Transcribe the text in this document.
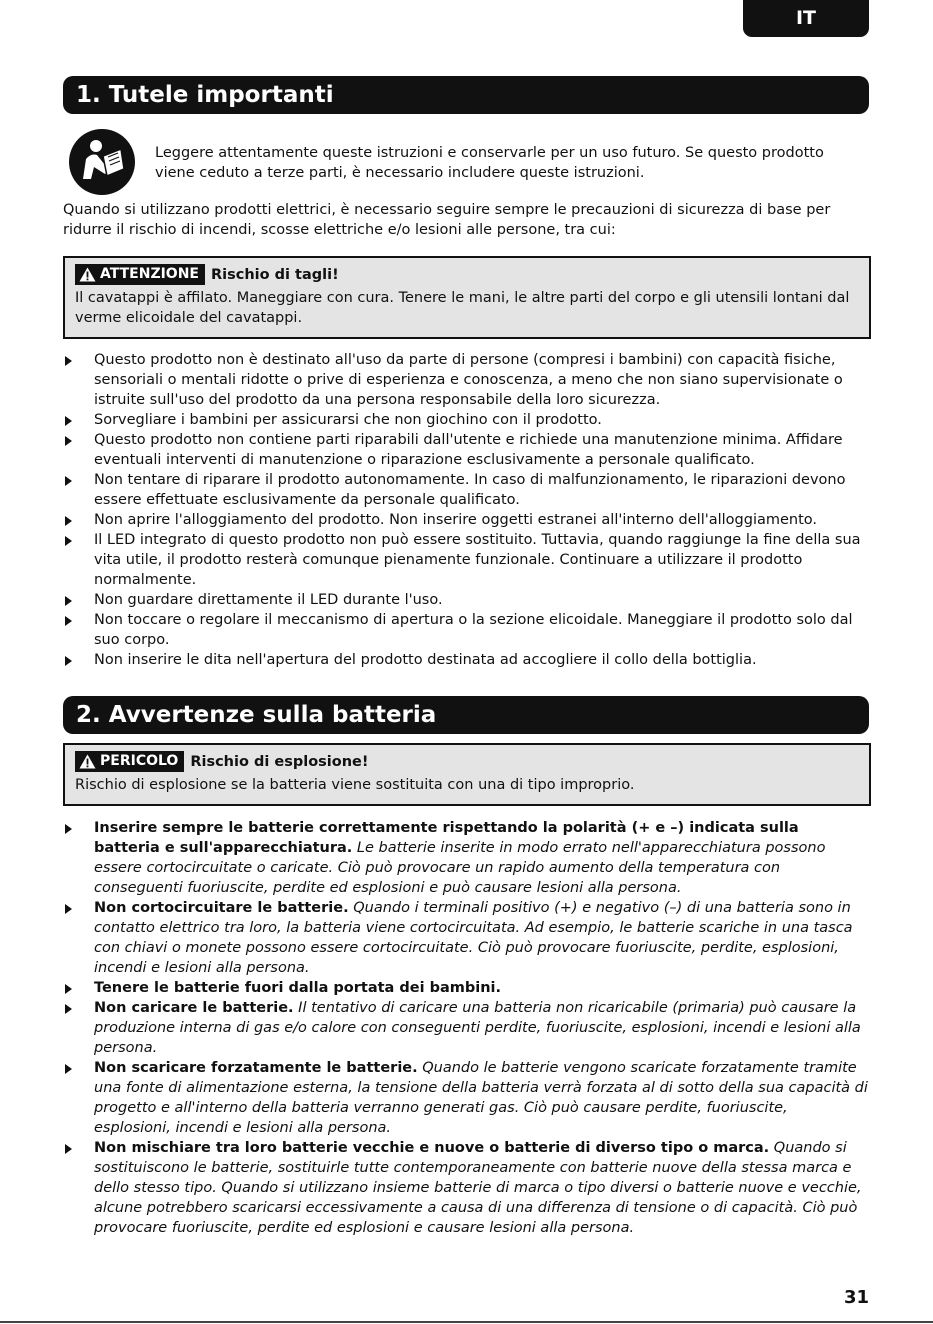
IT
1. Tutele importanti
Leggere attentamente queste istruzioni e conservarle per un uso futuro. Se questo prodotto viene ceduto a terze parti, è necessario includere queste istruzioni.
Quando si utilizzano prodotti elettrici, è necessario seguire sempre le precauzioni di sicurezza di base per ridurre il rischio di incendi, scosse elettriche e/o lesioni alle persone, tra cui:
ATTENZIONE Rischio di tagli!
Il cavatappi è affilato. Maneggiare con cura. Tenere le mani, le altre parti del corpo e gli utensili lontani dal verme elicoidale del cavatappi.
Questo prodotto non è destinato all'uso da parte di persone (compresi i bambini) con capacità fisiche, sensoriali o mentali ridotte o prive di esperienza e conoscenza, a meno che non siano supervisionate o istruite sull'uso del prodotto da una persona responsabile della loro sicurezza.
Sorvegliare i bambini per assicurarsi che non giochino con il prodotto.
Questo prodotto non contiene parti riparabili dall'utente e richiede una manutenzione minima. Affidare eventuali interventi di manutenzione o riparazione esclusivamente a personale qualificato.
Non tentare di riparare il prodotto autonomamente. In caso di malfunzionamento, le riparazioni devono essere effettuate esclusivamente da personale qualificato.
Non aprire l'alloggiamento del prodotto. Non inserire oggetti estranei all'interno dell'alloggiamento.
Il LED integrato di questo prodotto non può essere sostituito. Tuttavia, quando raggiunge la fine della sua vita utile, il prodotto resterà comunque pienamente funzionale. Continuare a utilizzare il prodotto normalmente.
Non guardare direttamente il LED durante l'uso.
Non toccare o regolare il meccanismo di apertura o la sezione elicoidale. Maneggiare il prodotto solo dal suo corpo.
Non inserire le dita nell'apertura del prodotto destinata ad accogliere il collo della bottiglia.
2. Avvertenze sulla batteria
PERICOLO Rischio di esplosione!
Rischio di esplosione se la batteria viene sostituita con una di tipo improprio.
Inserire sempre le batterie correttamente rispettando la polarità (+ e –) indicata sulla batteria e sull'apparecchiatura. Le batterie inserite in modo errato nell'apparecchiatura possono essere cortocircuitate o caricate. Ciò può provocare un rapido aumento della temperatura con conseguenti fuoriuscite, perdite ed esplosioni e può causare lesioni alla persona.
Non cortocircuitare le batterie. Quando i terminali positivo (+) e negativo (–) di una batteria sono in contatto elettrico tra loro, la batteria viene cortocircuitata. Ad esempio, le batterie scariche in una tasca con chiavi o monete possono essere cortocircuitate. Ciò può provocare fuoriuscite, perdite, esplosioni, incendi e lesioni alla persona.
Tenere le batterie fuori dalla portata dei bambini.
Non caricare le batterie. Il tentativo di caricare una batteria non ricaricabile (primaria) può causare la produzione interna di gas e/o calore con conseguenti perdite, fuoriuscite, esplosioni, incendi e lesioni alla persona.
Non scaricare forzatamente le batterie. Quando le batterie vengono scaricate forzatamente tramite una fonte di alimentazione esterna, la tensione della batteria verrà forzata al di sotto della sua capacità di progetto e all'interno della batteria verranno generati gas. Ciò può causare perdite, fuoriuscite, esplosioni, incendi e lesioni alla persona.
Non mischiare tra loro batterie vecchie e nuove o batterie di diverso tipo o marca. Quando si sostituiscono le batterie, sostituirle tutte contemporaneamente con batterie nuove della stessa marca e dello stesso tipo. Quando si utilizzano insieme batterie di marca o tipo diversi o batterie nuove e vecchie, alcune potrebbero scaricarsi eccessivamente a causa di una differenza di tensione o di capacità. Ciò può provocare fuoriuscite, perdite ed esplosioni e causare lesioni alla persona.
31
